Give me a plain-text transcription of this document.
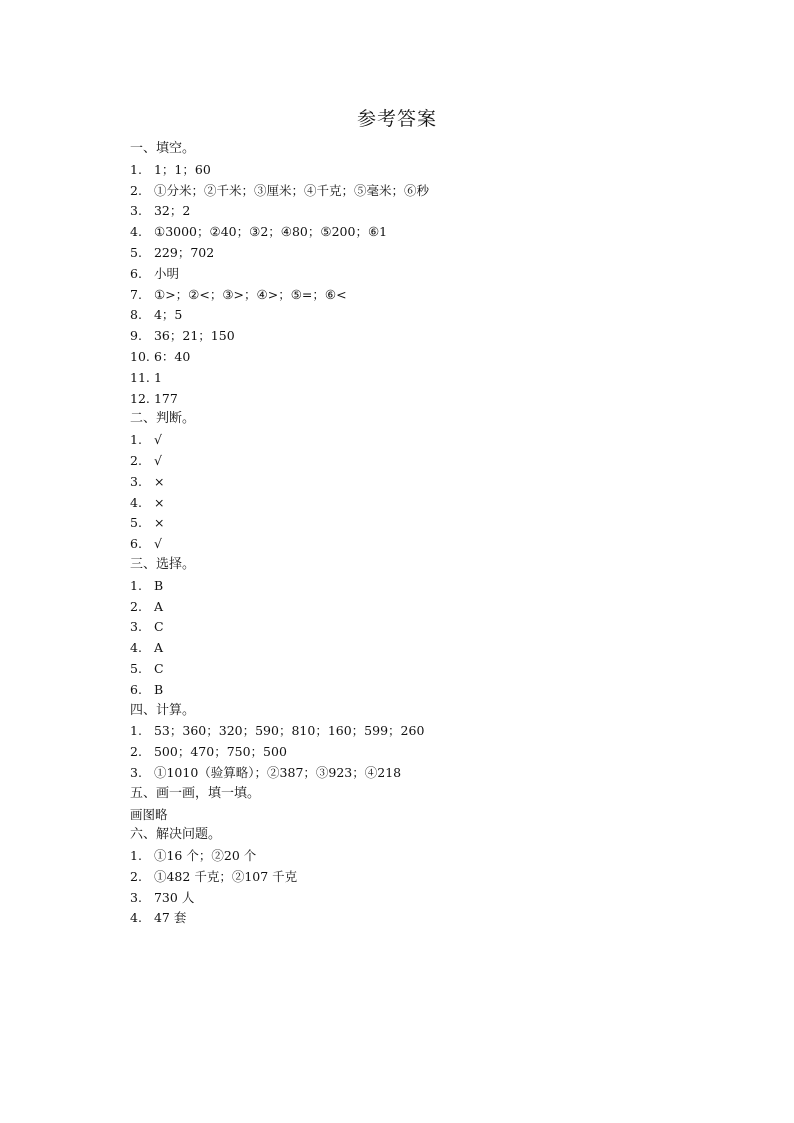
参考答案
一、填空。
1. 1；1；60
2. ①分米；②千米；③厘米；④千克；⑤毫米；⑥秒
3. 32；2
4. ①3000；②40；③2；④80；⑤200；⑥1
5. 229；702
6. 小明
7. ①>；②<；③>；④>；⑤=；⑥<
8. 4；5
9. 36；21；150
10. 6：40
11. 1
12. 177
二、判断。
1. √
2. √
3. ×
4. ×
5. ×
6. √
三、选择。
1. B
2. A
3. C
4. A
5. C
6. B
四、计算。
1. 53；360；320；590；810；160；599；260
2. 500；470；750；500
3. ①1010（验算略）；②387；③923；④218
五、画一画，填一填。
画图略
六、解决问题。
1. ①16 个；②20 个
2. ①482 千克；②107 千克
3. 730 人
4. 47 套
